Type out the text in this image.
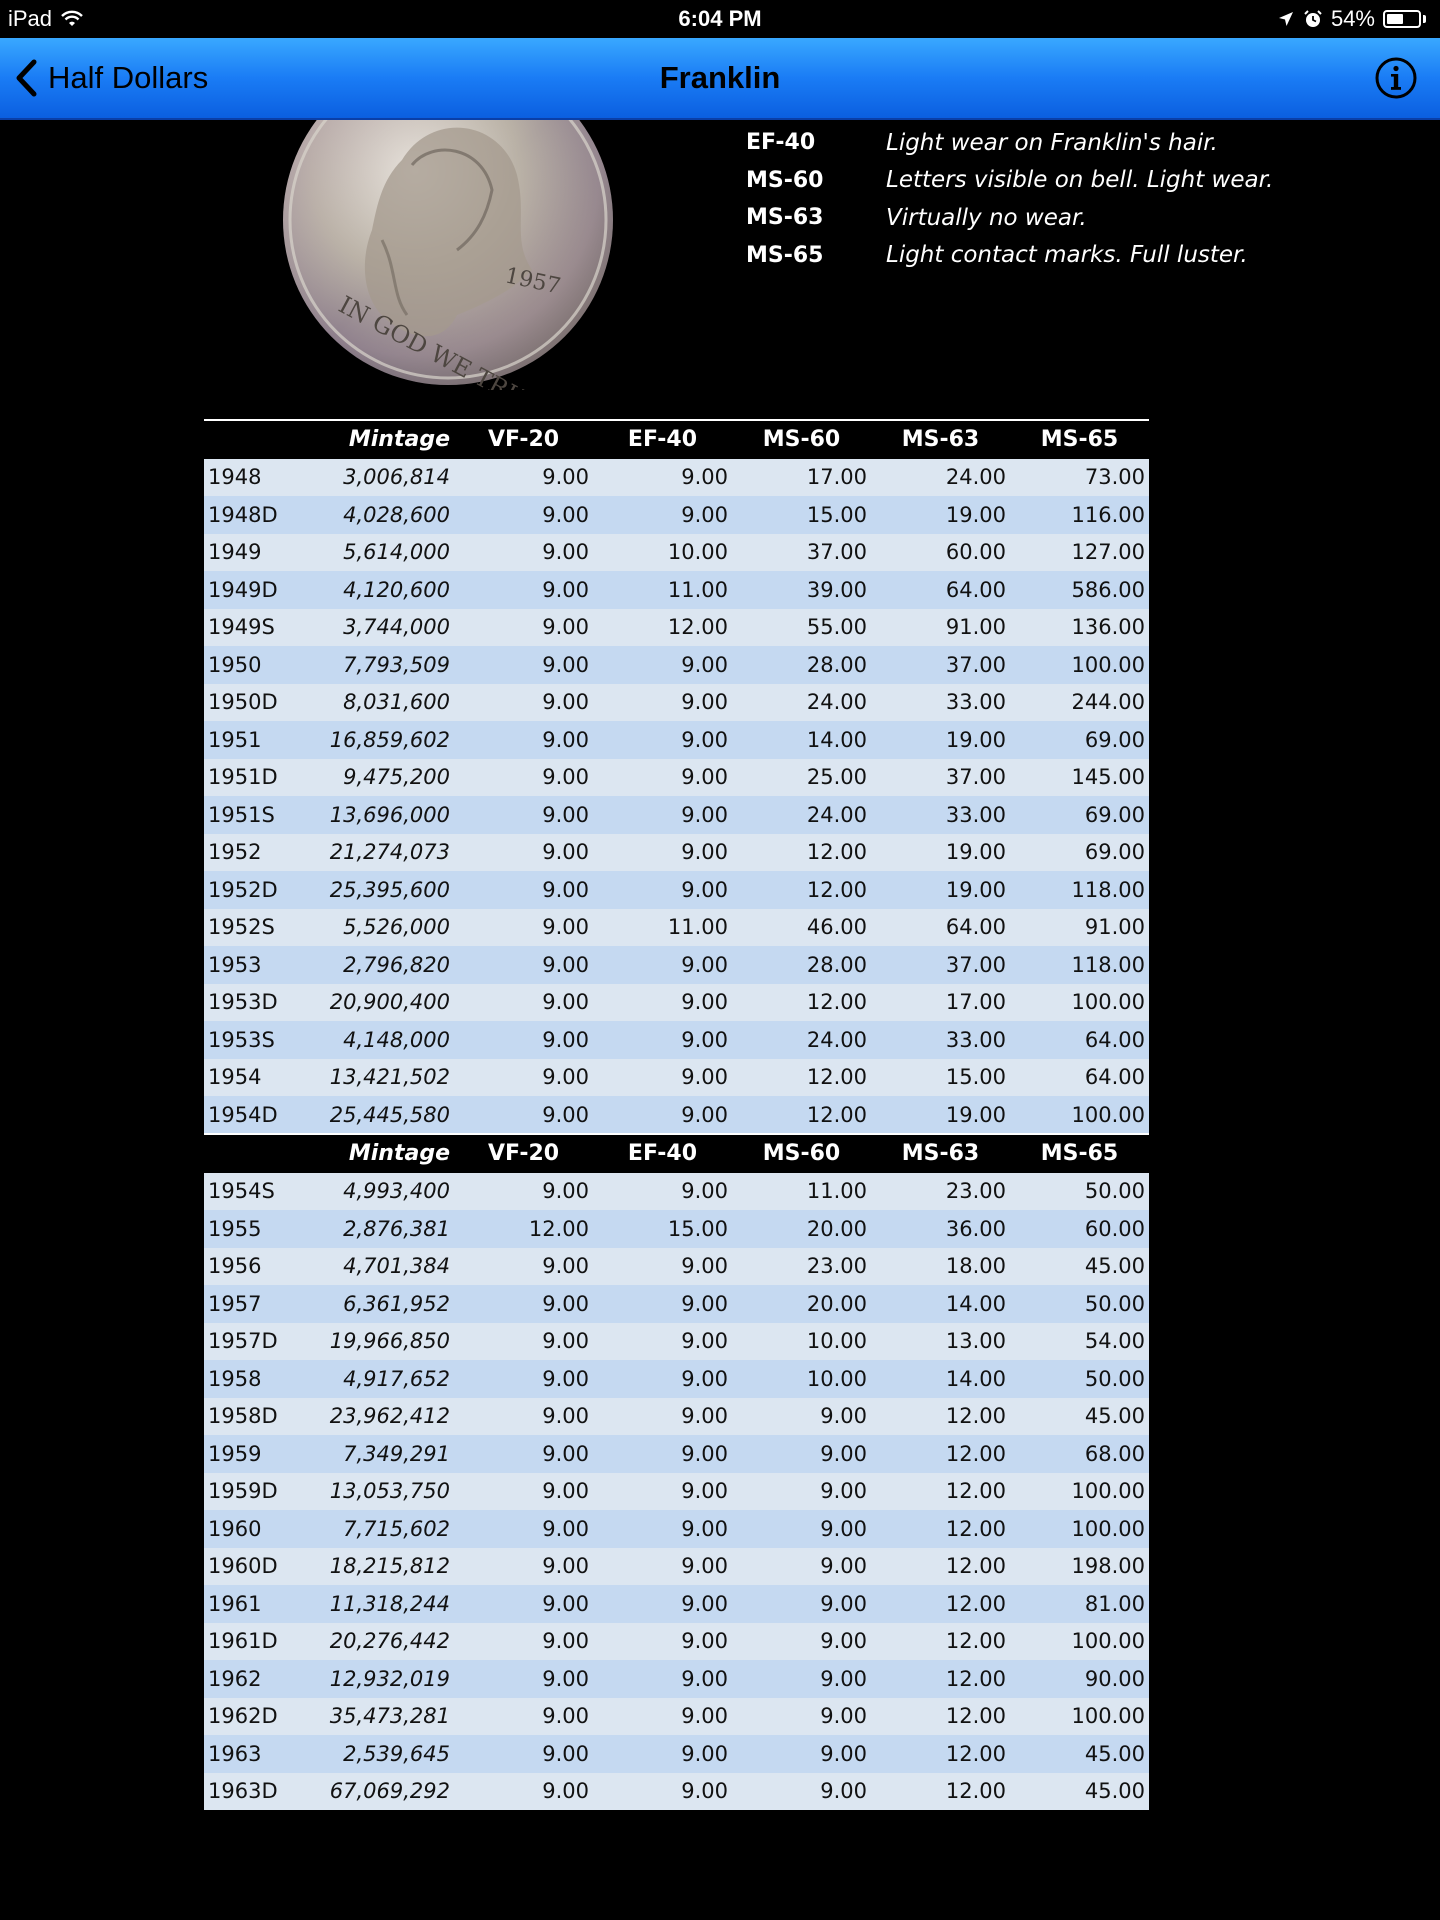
iPad	6:04 PM	54%
Half Dollars	Franklin
1957
EF-40	Light wear on Franklin's hair.
MS-60	Letters visible on bell. Light wear.
MS-63	Virtually no wear.
MS-65	Light contact marks. Full luster.
	Mintage	VF-20	EF-40	MS-60	MS-63	MS-65
1948	3,006,814	9.00	9.00	17.00	24.00	73.00
1948D	4,028,600	9.00	9.00	15.00	19.00	116.00
1949	5,614,000	9.00	10.00	37.00	60.00	127.00
1949D	4,120,600	9.00	11.00	39.00	64.00	586.00
1949S	3,744,000	9.00	12.00	55.00	91.00	136.00
1950	7,793,509	9.00	9.00	28.00	37.00	100.00
1950D	8,031,600	9.00	9.00	24.00	33.00	244.00
1951	16,859,602	9.00	9.00	14.00	19.00	69.00
1951D	9,475,200	9.00	9.00	25.00	37.00	145.00
1951S	13,696,000	9.00	9.00	24.00	33.00	69.00
1952	21,274,073	9.00	9.00	12.00	19.00	69.00
1952D	25,395,600	9.00	9.00	12.00	19.00	118.00
1952S	5,526,000	9.00	11.00	46.00	64.00	91.00
1953	2,796,820	9.00	9.00	28.00	37.00	118.00
1953D	20,900,400	9.00	9.00	12.00	17.00	100.00
1953S	4,148,000	9.00	9.00	24.00	33.00	64.00
1954	13,421,502	9.00	9.00	12.00	15.00	64.00
1954D	25,445,580	9.00	9.00	12.00	19.00	100.00
	Mintage	VF-20	EF-40	MS-60	MS-63	MS-65
1954S	4,993,400	9.00	9.00	11.00	23.00	50.00
1955	2,876,381	12.00	15.00	20.00	36.00	60.00
1956	4,701,384	9.00	9.00	23.00	18.00	45.00
1957	6,361,952	9.00	9.00	20.00	14.00	50.00
1957D	19,966,850	9.00	9.00	10.00	13.00	54.00
1958	4,917,652	9.00	9.00	10.00	14.00	50.00
1958D	23,962,412	9.00	9.00	9.00	12.00	45.00
1959	7,349,291	9.00	9.00	9.00	12.00	68.00
1959D	13,053,750	9.00	9.00	9.00	12.00	100.00
1960	7,715,602	9.00	9.00	9.00	12.00	100.00
1960D	18,215,812	9.00	9.00	9.00	12.00	198.00
1961	11,318,244	9.00	9.00	9.00	12.00	81.00
1961D	20,276,442	9.00	9.00	9.00	12.00	100.00
1962	12,932,019	9.00	9.00	9.00	12.00	90.00
1962D	35,473,281	9.00	9.00	9.00	12.00	100.00
1963	2,539,645	9.00	9.00	9.00	12.00	45.00
1963D	67,069,292	9.00	9.00	9.00	12.00	45.00
